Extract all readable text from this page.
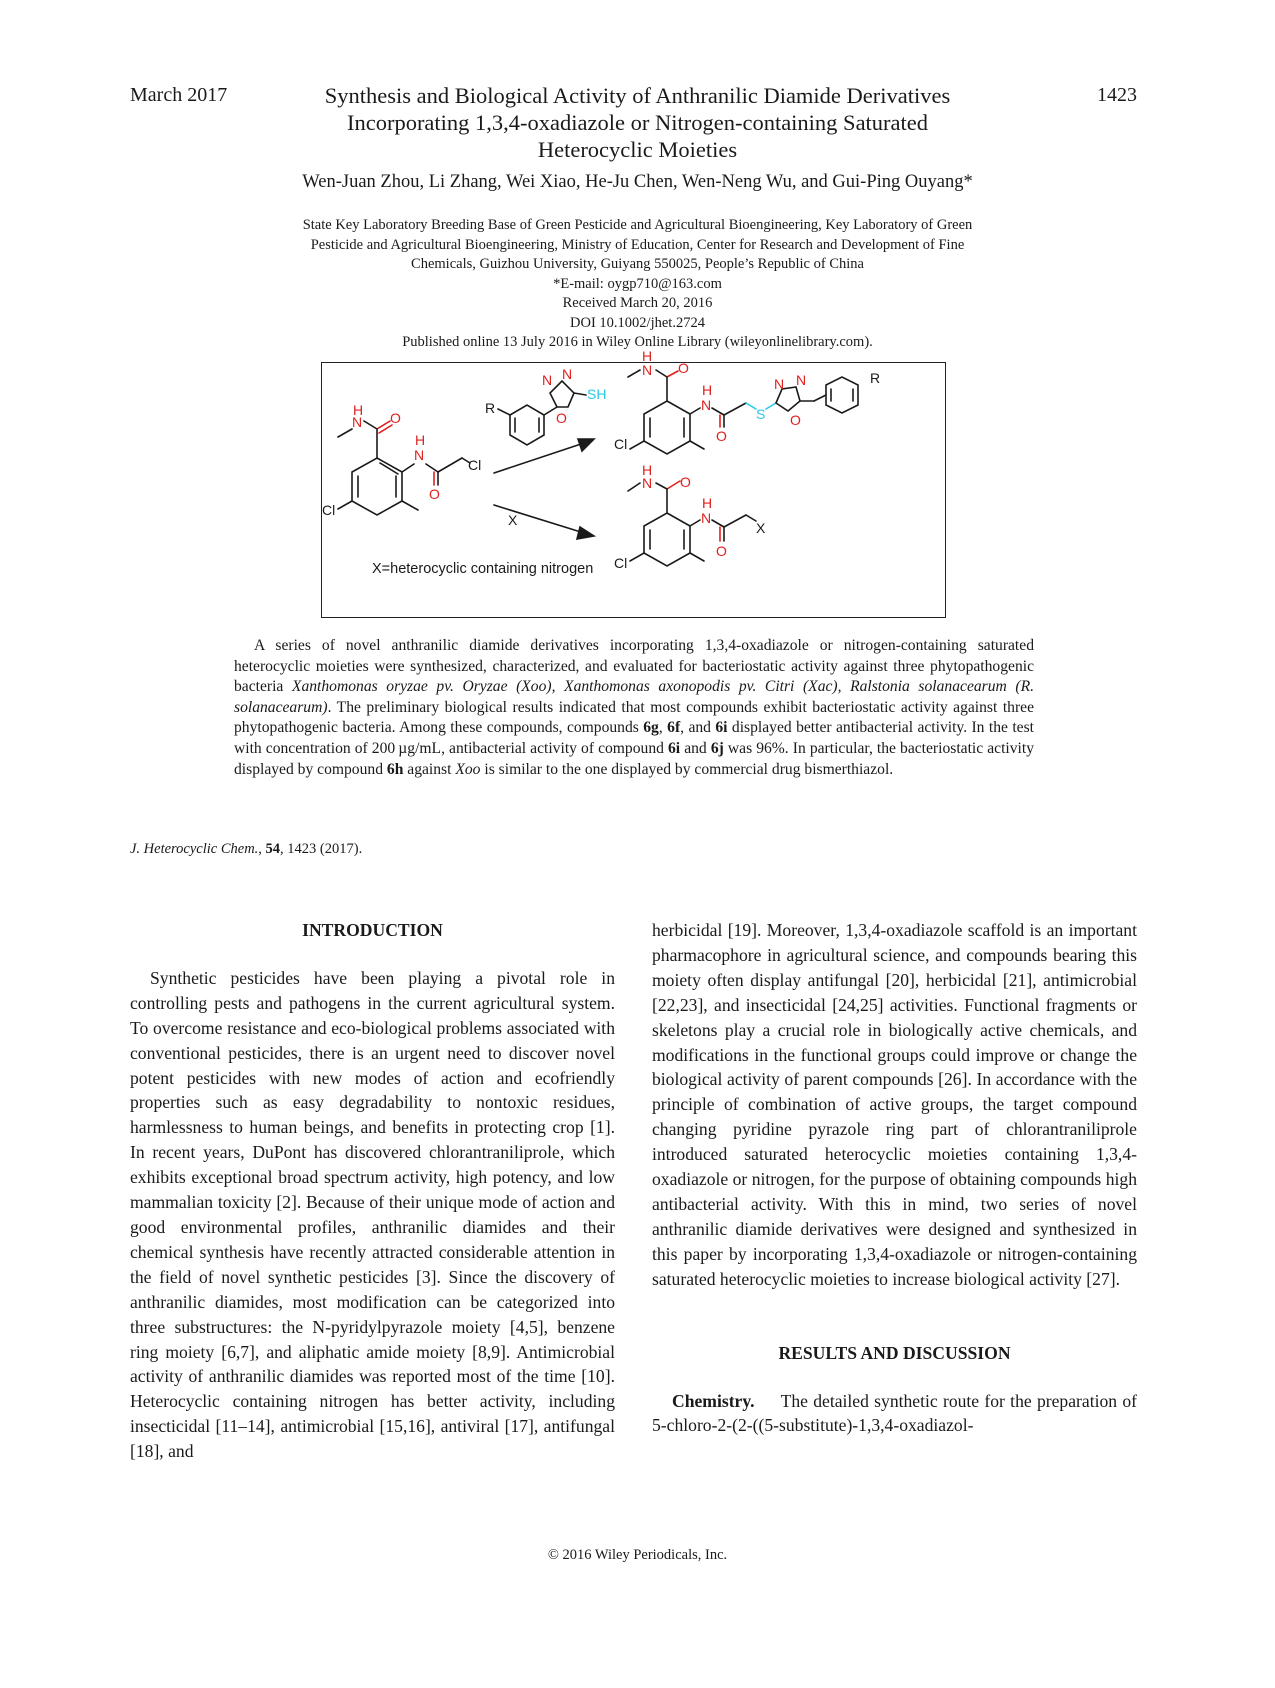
March 2017	1423
Synthesis and Biological Activity of Anthranilic Diamide Derivatives
Incorporating 1,3,4-oxadiazole or Nitrogen-containing Saturated
Heterocyclic Moieties
Wen-Juan Zhou, Li Zhang, Wei Xiao, He-Ju Chen, Wen-Neng Wu, and Gui-Ping Ouyang*
State Key Laboratory Breeding Base of Green Pesticide and Agricultural Bioengineering, Key Laboratory of Green
Pesticide and Agricultural Bioengineering, Ministry of Education, Center for Research and Development of Fine
Chemicals, Guizhou University, Guiyang 550025, People’s Republic of China
*E-mail: oygp710@163.com
Received March 20, 2016
DOI 10.1002/jhet.2724
Published online 13 July 2016 in Wiley Online Library (wileyonlinelibrary.com).
H
N O
H
N
O
Cl
Cl
R
N N
O
SH
X
H
N O
H
N
O
S
N N
O
R
Cl
H
N O
H
N
O
X
Cl
X=heterocyclic containing nitrogen

A series of novel anthranilic diamide derivatives incorporating 1,3,4-oxadiazole or nitrogen-containing saturated heterocyclic moieties were synthesized, characterized, and evaluated for bacteriostatic activity against three phytopathogenic bacteria Xanthomonas oryzae pv. Oryzae (Xoo), Xanthomonas axonopodis pv. Citri (Xac), Ralstonia solanacearum (R. solanacearum). The preliminary biological results indicated that most compounds exhibit bacteriostatic activity against three phytopathogenic bacteria. Among these compounds, compounds 6g, 6f, and 6i displayed better antibacterial activity. In the test with concentration of 200 µg/mL, antibacterial activity of compound 6i and 6j was 96%. In particular, the bacteriostatic activity displayed by compound 6h against Xoo is similar to the one displayed by commercial drug bismerthiazol.

J. Heterocyclic Chem., 54, 1423 (2017).
INTRODUCTION

Synthetic pesticides have been playing a pivotal role in controlling pests and pathogens in the current agricultural system. To overcome resistance and eco-biological problems associated with conventional pesticides, there is an urgent need to discover novel potent pesticides with new modes of action and ecofriendly properties such as easy degradability to nontoxic residues, harmlessness to human beings, and benefits in protecting crop [1]. In recent years, DuPont has discovered chlorantraniliprole, which exhibits exceptional broad spectrum activity, high potency, and low mammalian toxicity [2]. Because of their unique mode of action and good environmental profiles, anthranilic diamides and their chemical synthesis have recently attracted considerable attention in the field of novel synthetic pesticides [3]. Since the discovery of anthranilic diamides, most modification can be categorized into three substructures: the N-pyridylpyrazole moiety [4,5], benzene ring moiety [6,7], and aliphatic amide moiety [8,9]. Antimicrobial activity of anthranilic diamides was reported most of the time [10]. Heterocyclic containing nitrogen has better activity, including insecticidal [11–14], antimicrobial [15,16], antiviral [17], antifungal [18], and

herbicidal [19]. Moreover, 1,3,4-oxadiazole scaffold is an important pharmacophore in agricultural science, and compounds bearing this moiety often display antifungal [20], herbicidal [21], antimicrobial [22,23], and insecticidal [24,25] activities. Functional fragments or skeletons play a crucial role in biologically active chemicals, and modifications in the functional groups could improve or change the biological activity of parent compounds [26]. In accordance with the principle of combination of active groups, the target compound changing pyridine pyrazole ring part of chlorantraniliprole introduced saturated heterocyclic moieties containing 1,3,4-oxadiazole or nitrogen, for the purpose of obtaining compounds high antibacterial activity. With this in mind, two series of novel anthranilic diamide derivatives were designed and synthesized in this paper by incorporating 1,3,4-oxadiazole or nitrogen-containing saturated heterocyclic moieties to increase biological activity [27].

RESULTS AND DISCUSSION

Chemistry. The detailed synthetic route for the preparation of 5-chloro-2-(2-((5-substitute)-1,3,4-oxadiazol-

© 2016 Wiley Periodicals, Inc.
